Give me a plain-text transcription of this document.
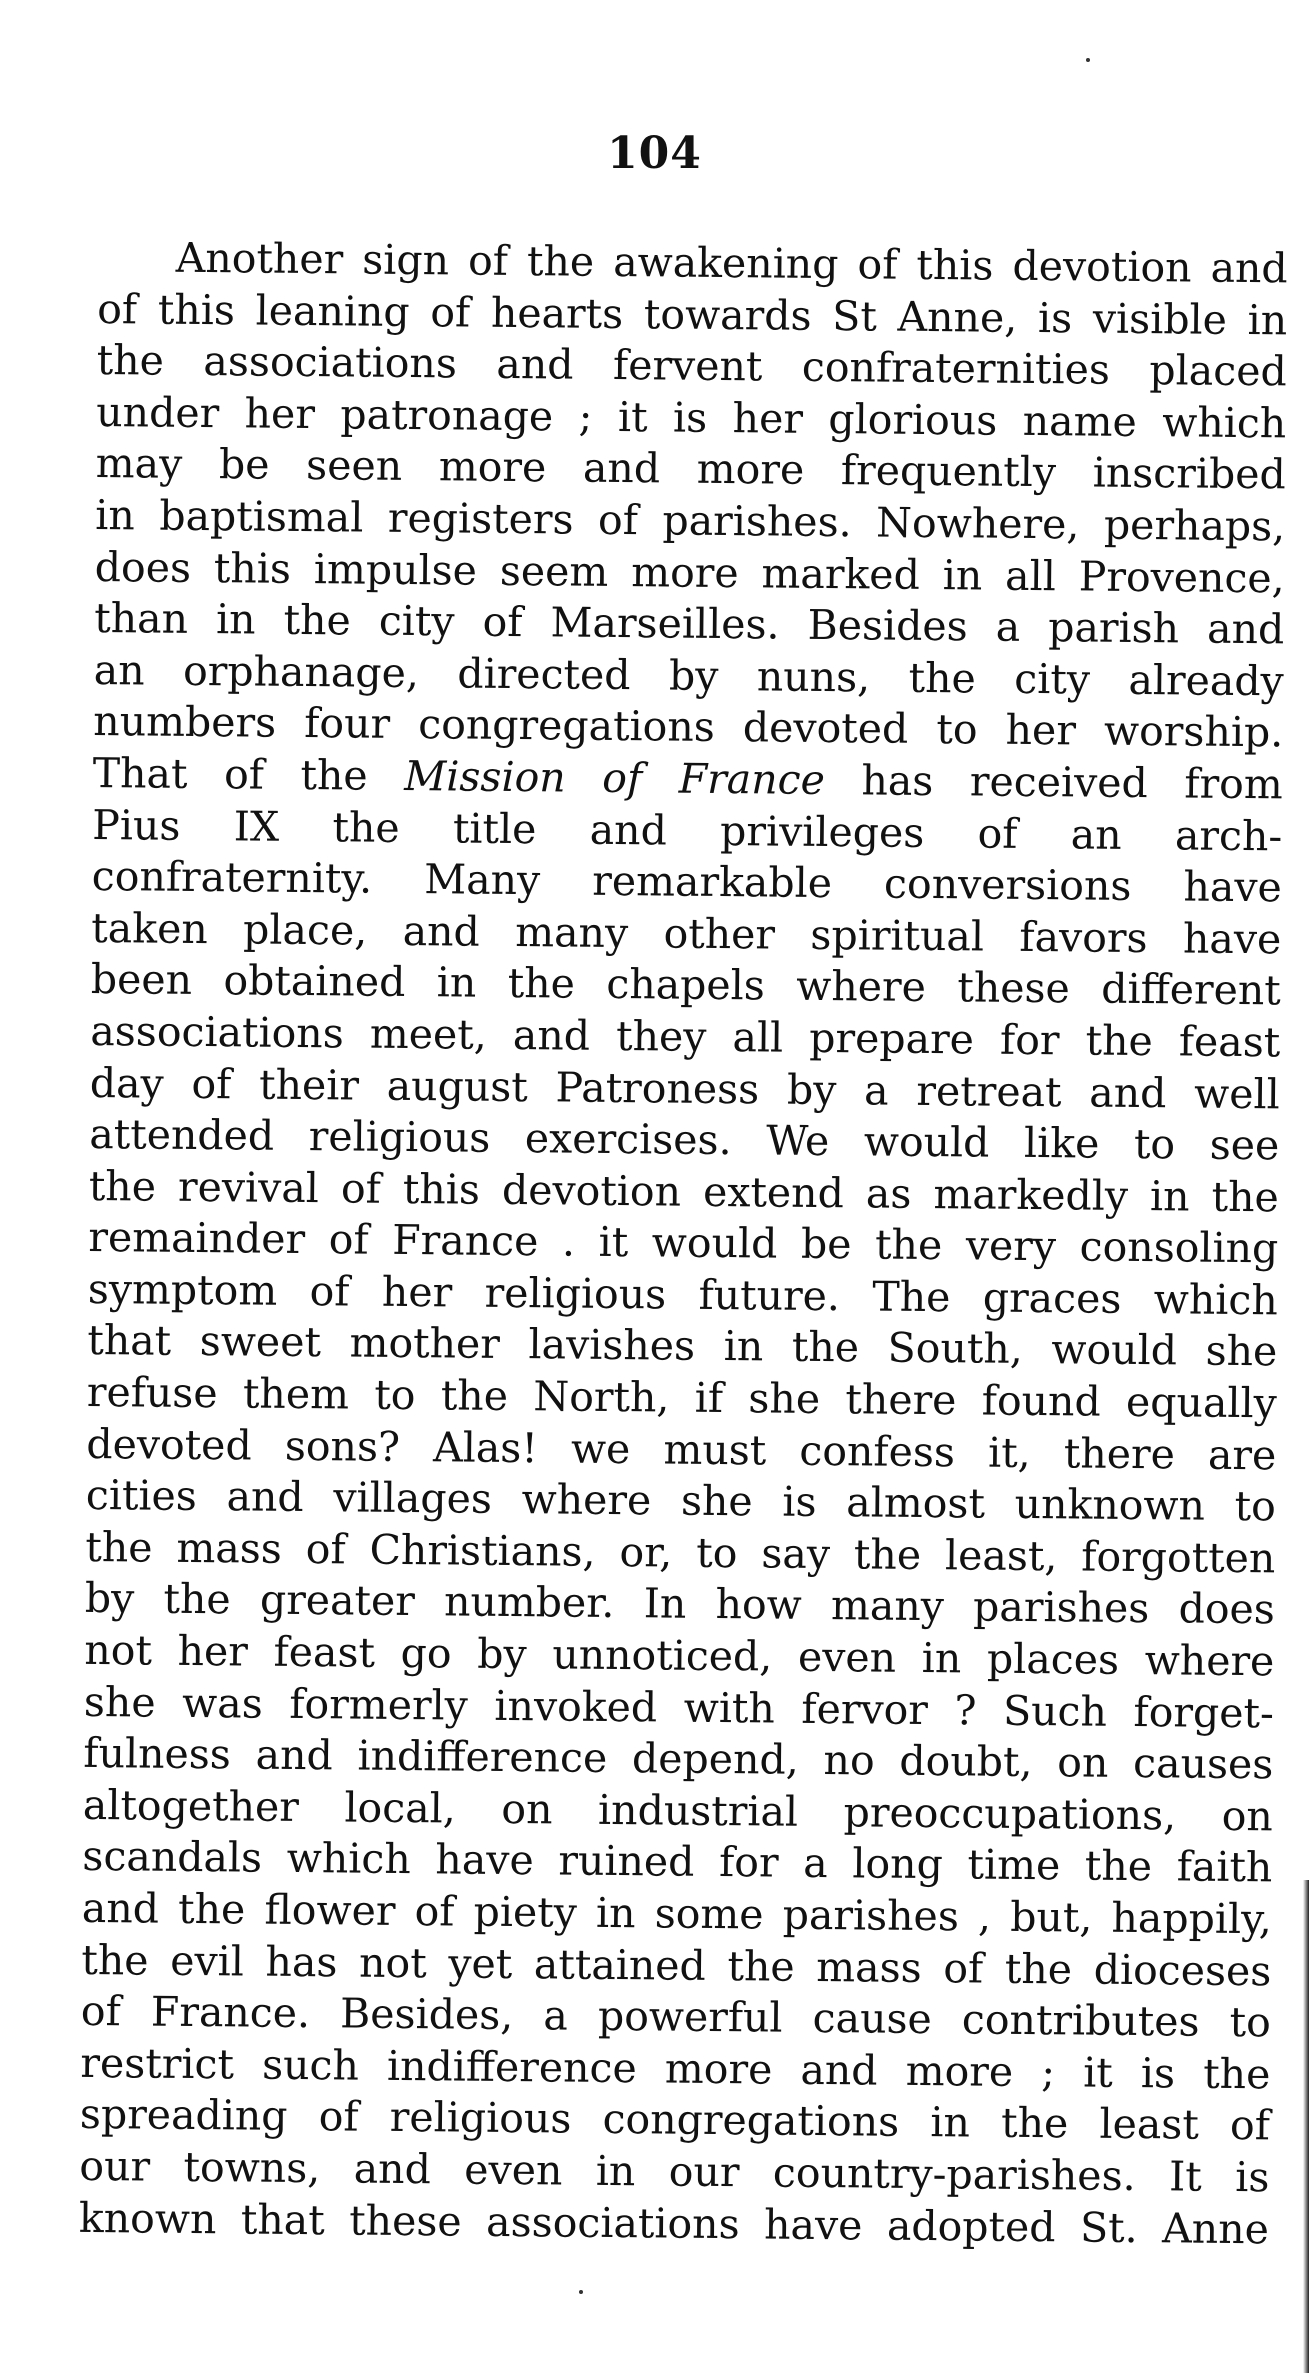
104
Another sign of the awakening of this devotion and
of this leaning of hearts towards St Anne, is visible in
the associations and fervent confraternities placed
under her patronage ; it is her glorious name which
may be seen more and more frequently inscribed
in baptismal registers of parishes. Nowhere, perhaps,
does this impulse seem more marked in all Provence,
than in the city of Marseilles. Besides a parish and
an orphanage, directed by nuns, the city already
numbers four congregations devoted to her worship.
That of the Mission of France has received from
Pius IX the title and privileges of an arch-
confraternity. Many remarkable conversions have
taken place, and many other spiritual favors have
been obtained in the chapels where these different
associations meet, and they all prepare for the feast
day of their august Patroness by a retreat and well
attended religious exercises. We would like to see
the revival of this devotion extend as markedly in the
remainder of France . it would be the very consoling
symptom of her religious future. The graces which
that sweet mother lavishes in the South, would she
refuse them to the North, if she there found equally
devoted sons? Alas! we must confess it, there are
cities and villages where she is almost unknown to
the mass of Christians, or, to say the least, forgotten
by the greater number. In how many parishes does
not her feast go by unnoticed, even in places where
she was formerly invoked with fervor ? Such forget-
fulness and indifference depend, no doubt, on causes
altogether local, on industrial preoccupations, on
scandals which have ruined for a long time the faith
and the flower of piety in some parishes , but, happily,
the evil has not yet attained the mass of the dioceses
of France. Besides, a powerful cause contributes to
restrict such indifference more and more ; it is the
spreading of religious congregations in the least of
our towns, and even in our country-parishes. It is
known that these associations have adopted St. Anne
